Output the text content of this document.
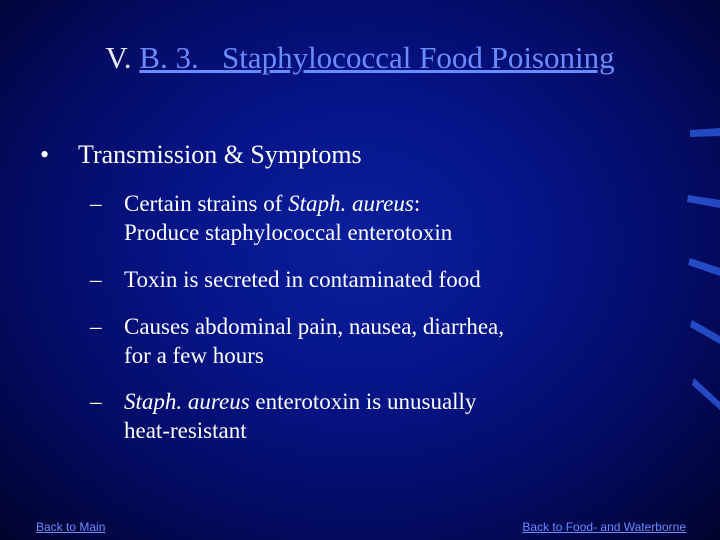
V. B. 3.   Staphylococcal Food Poisoning
• Transmission & Symptoms
– Certain strains of Staph. aureus:
Produce staphylococcal enterotoxin
– Toxin is secreted in contaminated food
– Causes abdominal pain, nausea, diarrhea,
for a few hours
– Staph. aureus enterotoxin is unusually
heat-resistant
Back to Main	Back to Food- and Waterborne
